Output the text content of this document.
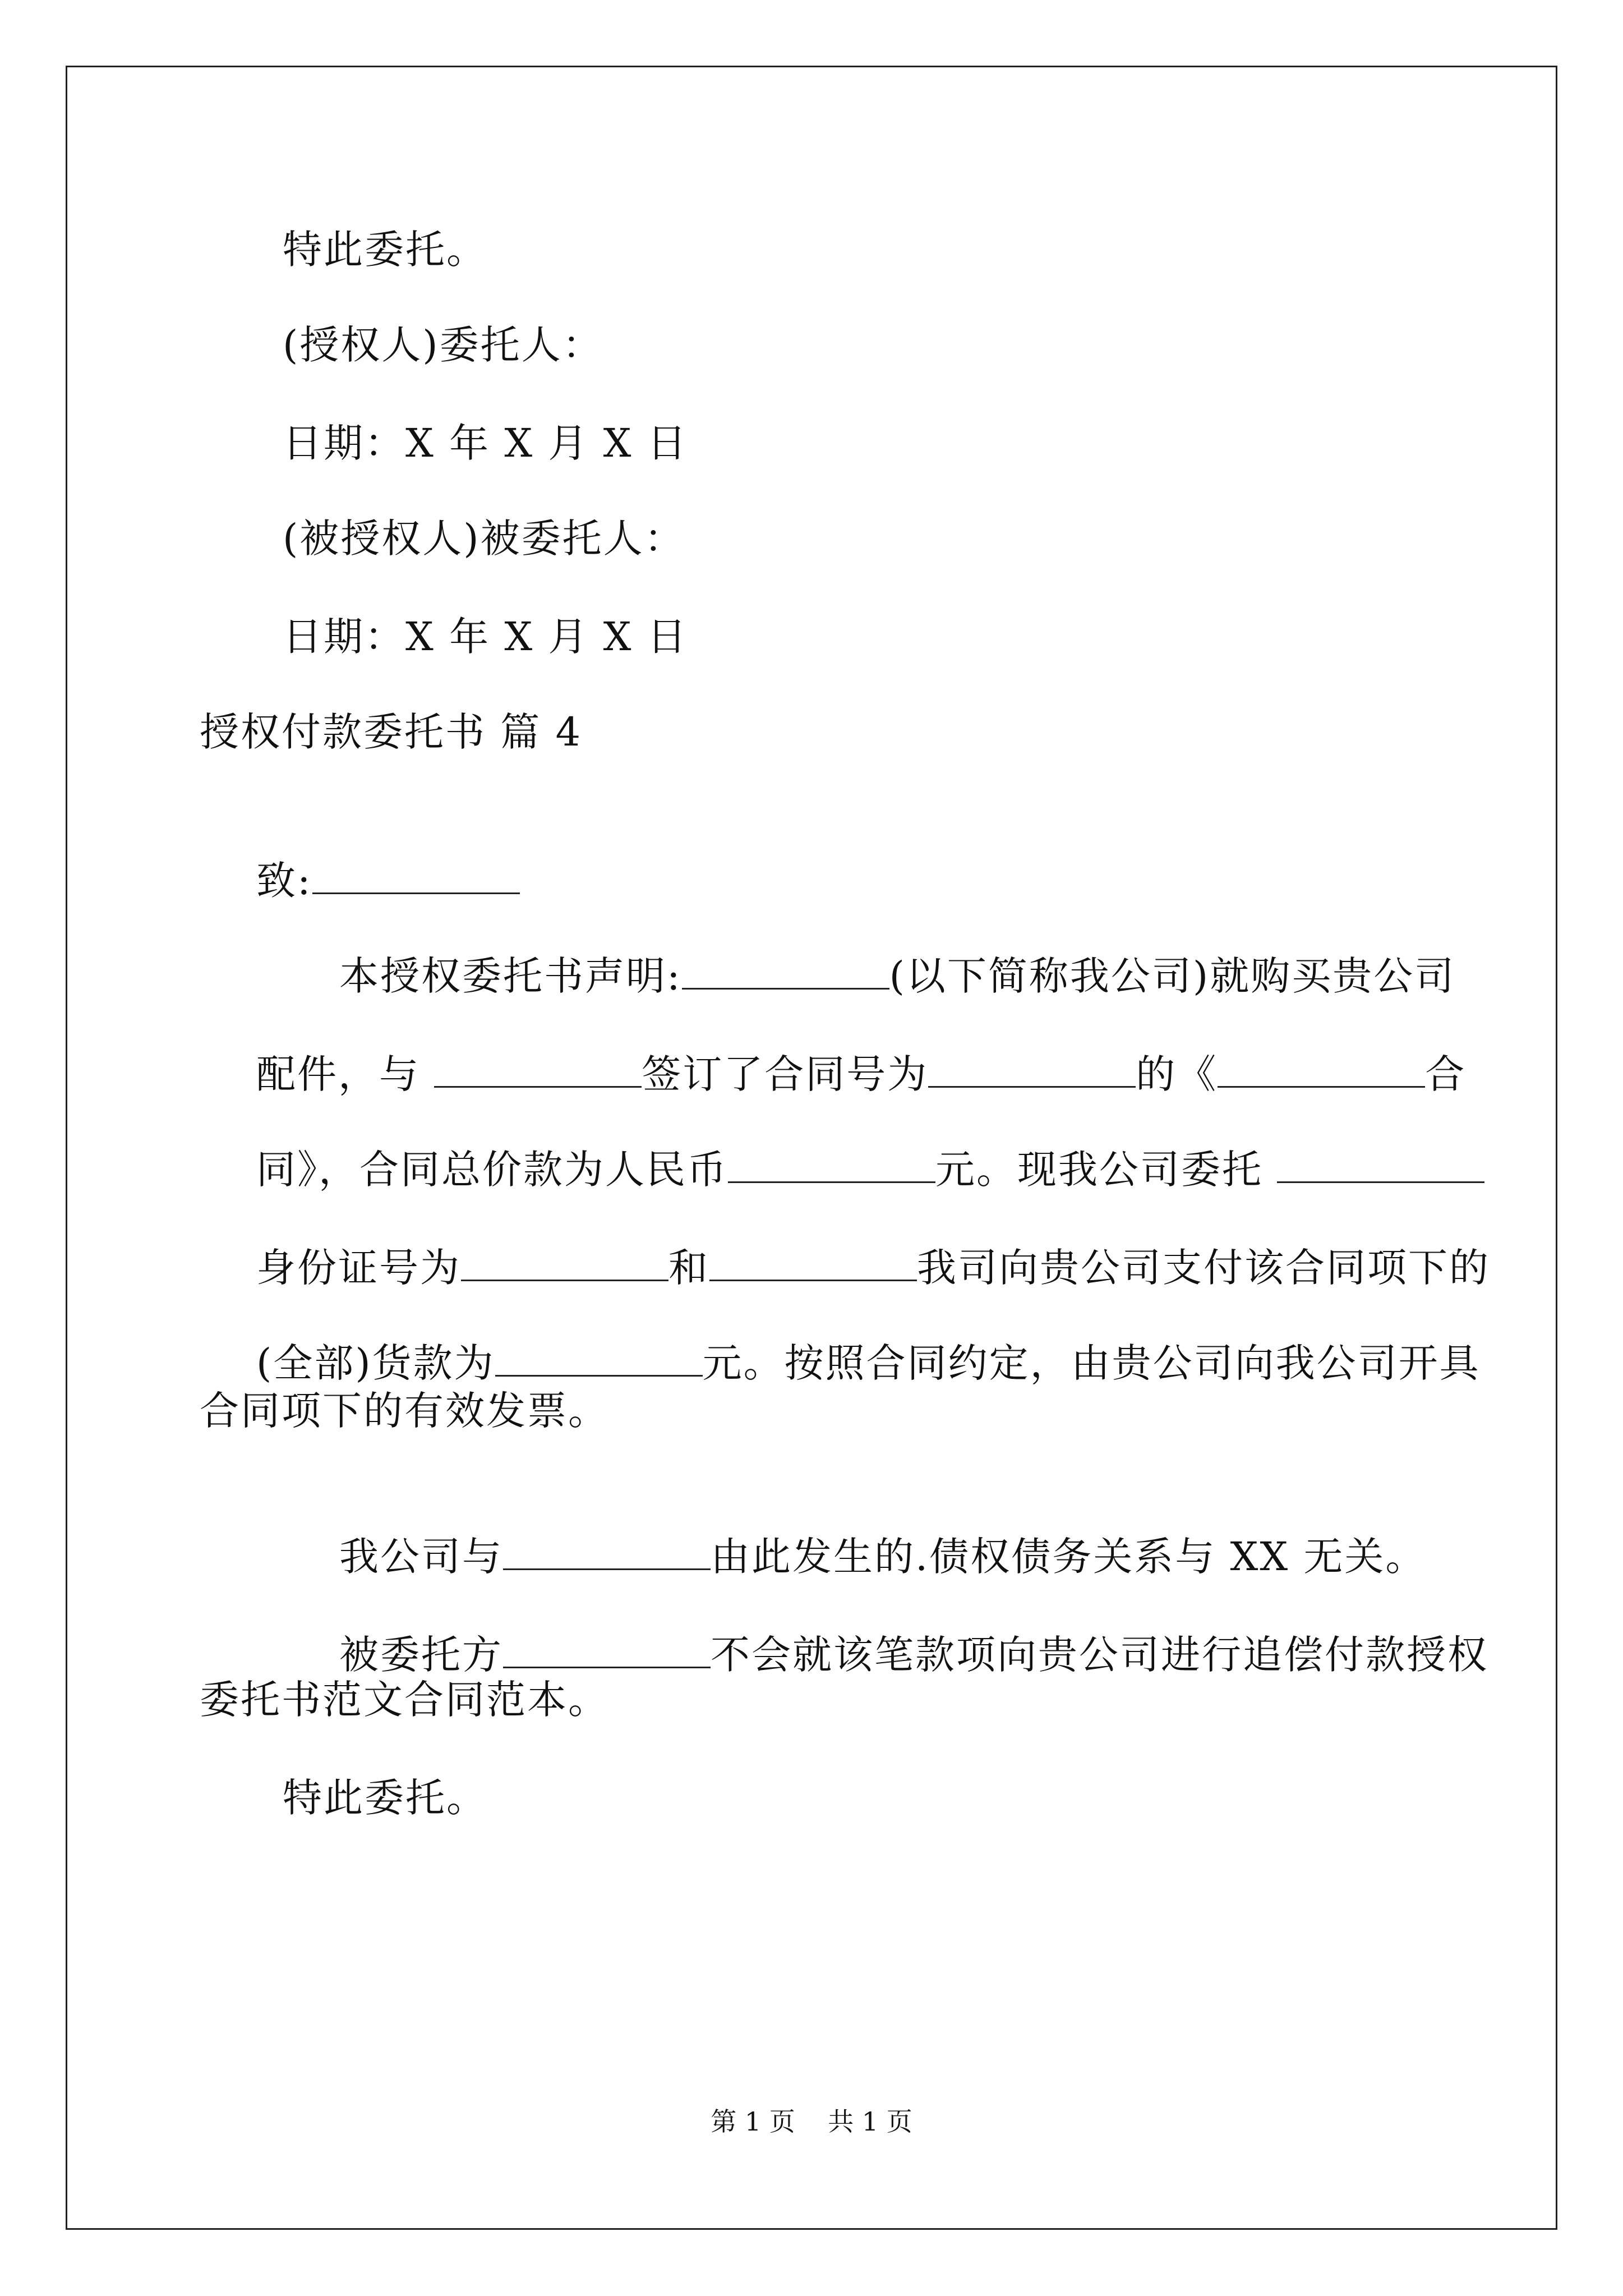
特此委托。
(授权人)委托人：
日期：X 年 X 月 X 日
(被授权人)被委托人：
日期：X 年 X 月 X 日
授权付款委托书 篇 4

致:

本授权委托书声明:	(以下简称我公司)就购买贵公司

配件，与	签订了合同号为	的《	合

同》，合同总价款为人民币	元。现我公司委托

身份证号为	和	我司向贵公司支付该合同项下的

(全部)货款为	元。按照合同约定，由贵公司向我公司开具

合同项下的有效发票。

我公司与	由此发生的.债权债务关系与 XX 无关。

被委托方	不会就该笔款项向贵公司进行追偿付款授权

委托书范文合同范本。
特此委托。
第 1 页    共 1 页
